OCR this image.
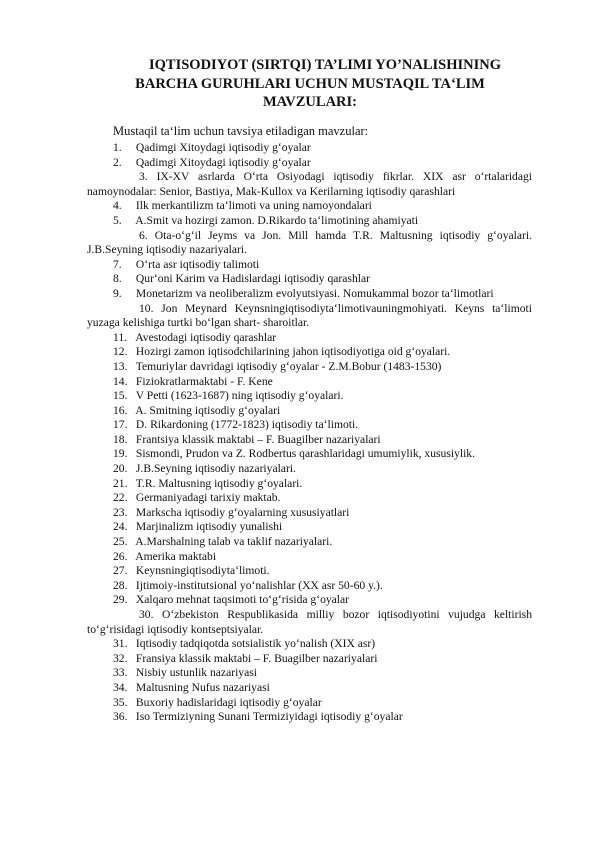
IQTISODIYOT (SIRTQI) TA’LIMI YO’NALISHINING
BARCHA GURUHLARI UCHUN MUSTAQIL TA‘LIM
MAVZULARI:
Mustaqil ta‘lim uchun tavsiya etiladigan mavzular:
1. Qadimgi Xitoydagi iqtisodiy g‘oyalar
2. Qadimgi Xitoydagi iqtisodiy g‘oyalar
3. IX-XV asrlarda O‘rta Osiyodagi iqtisodiy fikrlar. XIX asr o‘rtalaridagi namoynodalar: Senior, Bastiya, Mak-Kullox va Kerilarning iqtisodiy qarashlari
4. Ilk merkantilizm ta‘limoti va uning namoyondalari
5. A.Smit va hozirgi zamon. D.Rikardo ta‘limotining ahamiyati
6. Ota-o‘g‘il Jeyms va Jon. Mill hamda T.R. Maltusning iqtisodiy g‘oyalari. J.B.Seyning iqtisodiy nazariyalari.
7. O‘rta asr iqtisodiy talimoti
8. Qur‘oni Karim va Hadislardagi iqtisodiy qarashlar
9. Monetarizm va neoliberalizm evolyutsiyasi. Nomukammal bozor ta‘limotlari
10. Jon Meynard Keynsningiqtisodiyta‘limotivauningmohiyati. Keyns ta‘limoti yuzaga kelishiga turtki bo‘lgan shart- sharoitlar.
11. Avestodagi iqtisodiy qarashlar
12. Hozirgi zamon iqtisodchilarining jahon iqtisodiyotiga oid g‘oyalari.
13. Temuriylar davridagi iqtisodiy g‘oyalar - Z.M.Bobur (1483-1530)
14. Fiziokratlarmaktabi - F. Kene
15. V Petti (1623-1687) ning iqtisodiy g‘oyalari.
16. A. Smitning iqtisodiy g‘oyalari
17. D. Rikardoning (1772-1823) iqtisodiy ta‘limoti.
18. Frantsiya klassik maktabi – F. Buagilber nazariyalari
19. Sismondi, Prudon va Z. Rodbertus qarashlaridagi umumiylik, xususiylik.
20. J.B.Seyning iqtisodiy nazariyalari.
21. T.R. Maltusning iqtisodiy g‘oyalari.
22. Germaniyadagi tarixiy maktab.
23. Markscha iqtisodiy g‘oyalarning xususiyatlari
24. Marjinalizm iqtisodiy yunalishi
25. A.Marshalning talab va taklif nazariyalari.
26. Amerika maktabi
27. Keynsningiqtisodiyta‘limoti.
28. Ijtimoiy-institutsional yo‘nalishlar (XX asr 50-60 y.).
29. Xalqaro mehnat taqsimoti to‘g‘risida g‘oyalar
30. O‘zbekiston Respublikasida milliy bozor iqtisodiyotini vujudga keltirish to‘g‘risidagi iqtisodiy kontseptsiyalar.
31. Iqtisodiy tadqiqotda sotsialistik yo‘nalish (XIX asr)
32. Fransiya klassik maktabi – F. Buagilber nazariyalari
33. Nisbiy ustunlik nazariyasi
34. Maltusning Nufus nazariyasi
35. Buxoriy hadislaridagi iqtisodiy g‘oyalar
36. Iso Termiziyning Sunani Termiziyidagi iqtisodiy g‘oyalar
